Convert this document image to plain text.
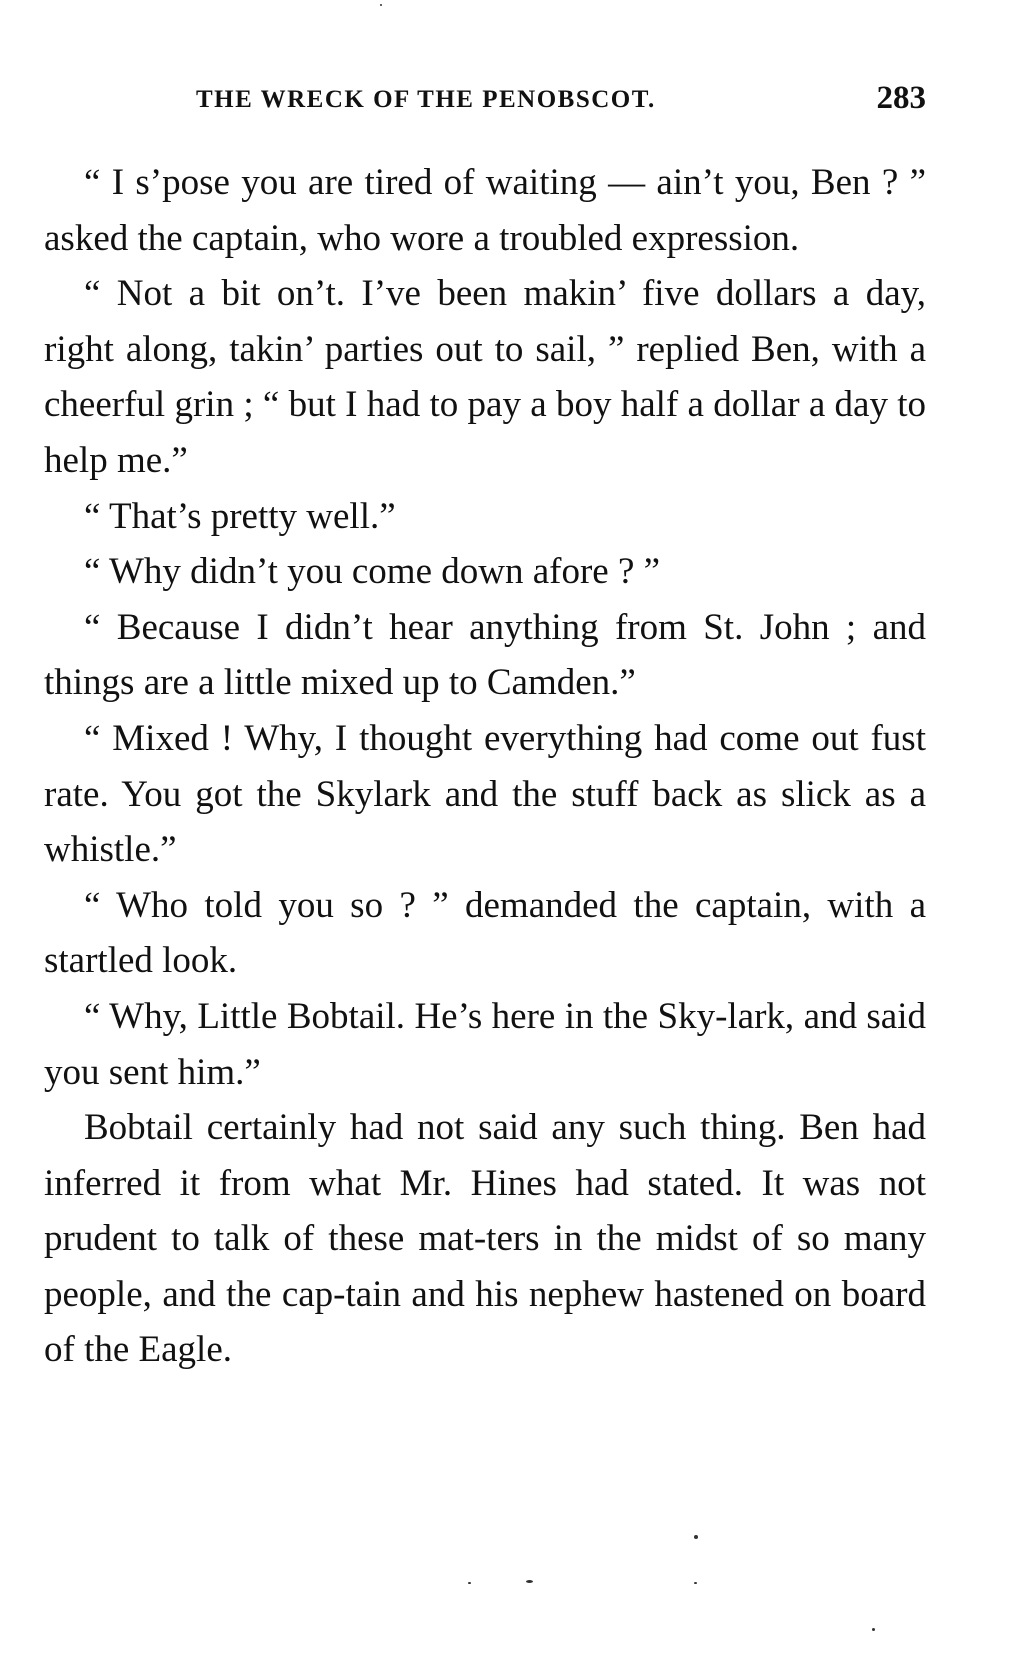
THE WRECK OF THE PENOBSCOT.	283

“ I s’pose you are tired of waiting — ain’t you, Ben ? ” asked the captain, who wore a troubled expression.

“ Not a bit on’t. I’ve been makin’ five dollars a day, right along, takin’ parties out to sail, ” replied Ben, with a cheerful grin ; “ but I had to pay a boy half a dollar a day to help me.”

“ That’s pretty well.”

“ Why didn’t you come down afore ? ”

“ Because I didn’t hear anything from St. John ; and things are a little mixed up to Camden.”

“ Mixed ! Why, I thought everything had come out fust rate. You got the Skylark and the stuff back as slick as a whistle.”

“ Who told you so ? ” demanded the captain, with a startled look.

“ Why, Little Bobtail. He’s here in the Sky-lark, and said you sent him.”

Bobtail certainly had not said any such thing. Ben had inferred it from what Mr. Hines had stated. It was not prudent to talk of these mat-ters in the midst of so many people, and the cap-tain and his nephew hastened on board of the Eagle.
